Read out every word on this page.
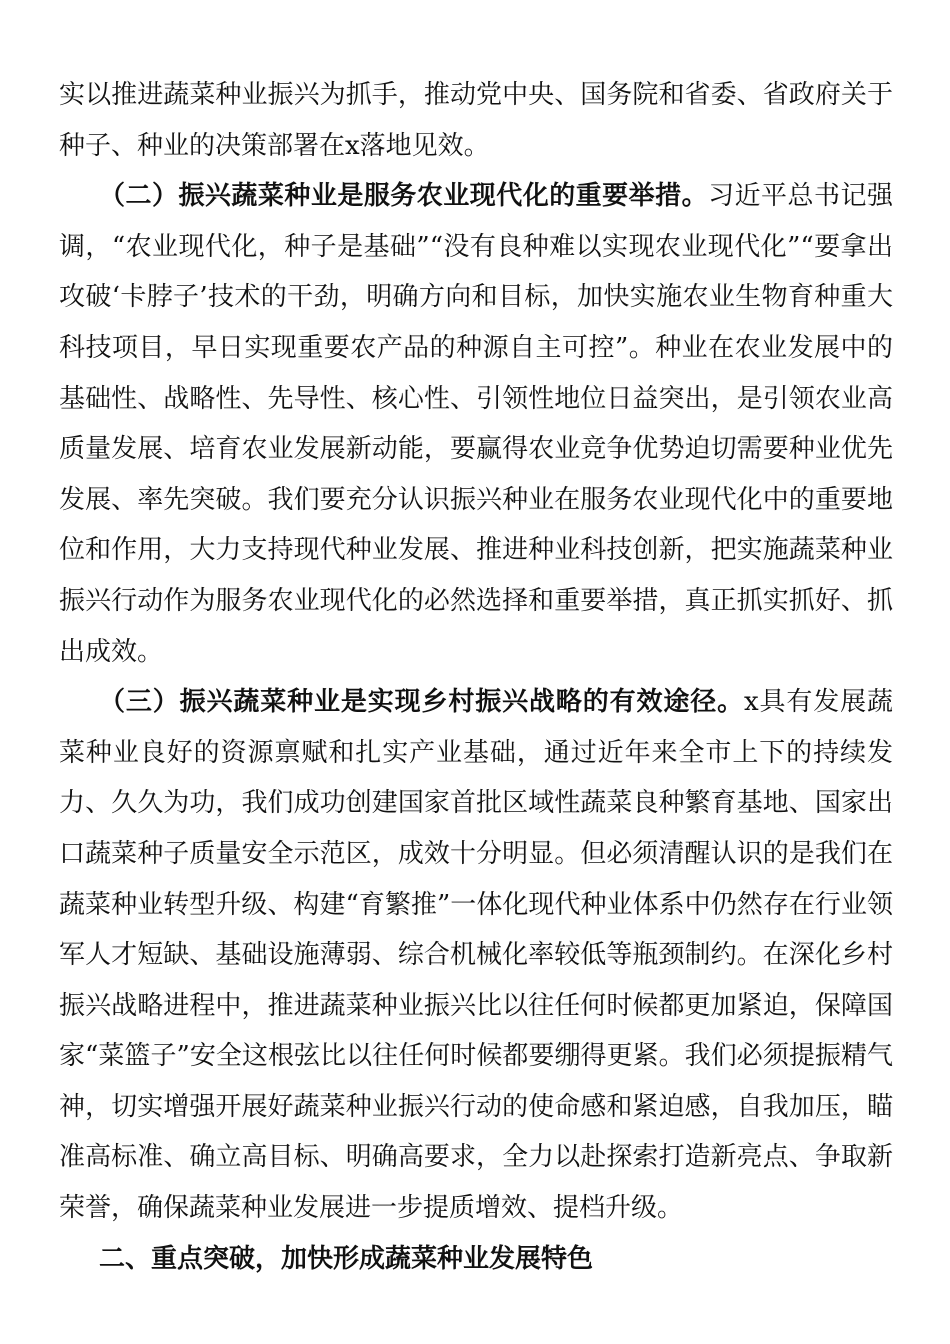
实以推进蔬菜种业振兴为抓手，推动党中央、国务院和省委、省政府关于种子、种业的决策部署在x落地见效。

（二）振兴蔬菜种业是服务农业现代化的重要举措。习近平总书记强调，“农业现代化，种子是基础”“没有良种难以实现农业现代化”“要拿出攻破‘卡脖子’技术的干劲，明确方向和目标，加快实施农业生物育种重大科技项目，早日实现重要农产品的种源自主可控”。种业在农业发展中的基础性、战略性、先导性、核心性、引领性地位日益突出，是引领农业高质量发展、培育农业发展新动能，要赢得农业竞争优势迫切需要种业优先发展、率先突破。我们要充分认识振兴种业在服务农业现代化中的重要地位和作用，大力支持现代种业发展、推进种业科技创新，把实施蔬菜种业振兴行动作为服务农业现代化的必然选择和重要举措，真正抓实抓好、抓出成效。

（三）振兴蔬菜种业是实现乡村振兴战略的有效途径。x具有发展蔬菜种业良好的资源禀赋和扎实产业基础，通过近年来全市上下的持续发力、久久为功，我们成功创建国家首批区域性蔬菜良种繁育基地、国家出口蔬菜种子质量安全示范区，成效十分明显。但必须清醒认识的是我们在蔬菜种业转型升级、构建“育繁推”一体化现代种业体系中仍然存在行业领军人才短缺、基础设施薄弱、综合机械化率较低等瓶颈制约。在深化乡村振兴战略进程中，推进蔬菜种业振兴比以往任何时候都更加紧迫，保障国家“菜篮子”安全这根弦比以往任何时候都要绷得更紧。我们必须提振精气神，切实增强开展好蔬菜种业振兴行动的使命感和紧迫感，自我加压，瞄准高标准、确立高目标、明确高要求，全力以赴探索打造新亮点、争取新荣誉，确保蔬菜种业发展进一步提质增效、提档升级。

二、重点突破，加快形成蔬菜种业发展特色
